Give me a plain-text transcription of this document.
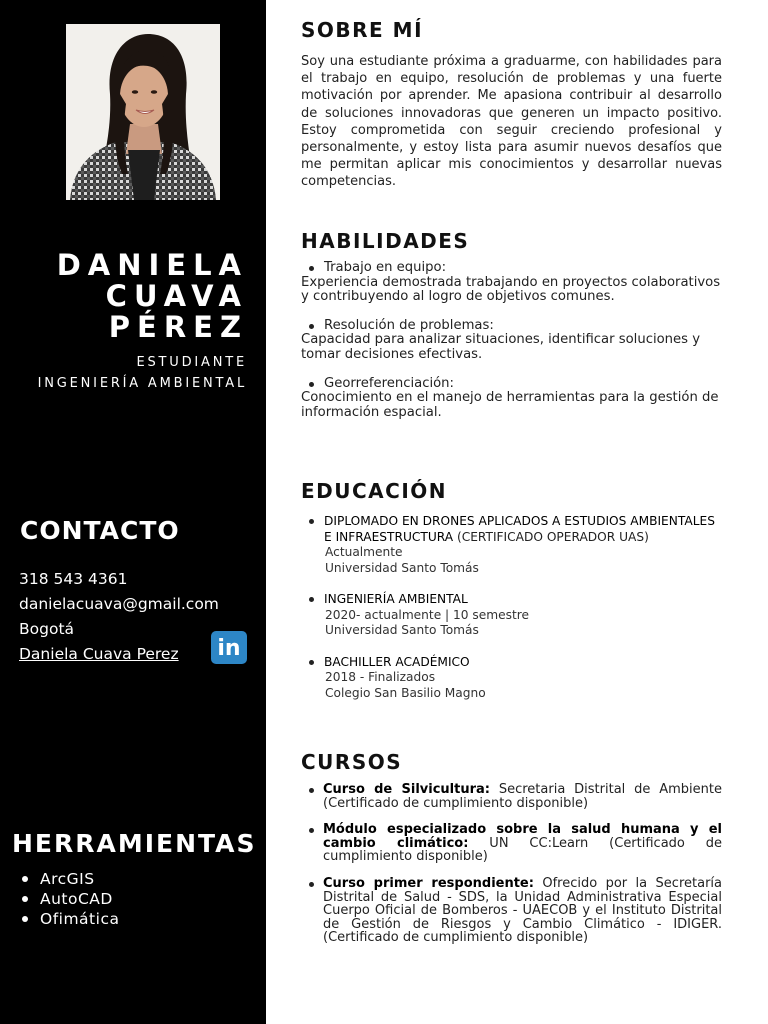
DANIELA
CUAVA
PÉREZ
ESTUDIANTE
INGENIERÍA AMBIENTAL
CONTACTO
318 543 4361
danielacuava@gmail.com
Bogotá
Daniela Cuava Perez	in
HERRAMIENTAS
ArcGIS
AutoCAD
Ofimática
SOBRE MÍ
Soy una estudiante próxima a graduarme, con habilidades para el trabajo en equipo, resolución de problemas y una fuerte motivación por aprender. Me apasiona contribuir al desarrollo de soluciones innovadoras que generen un impacto positivo. Estoy comprometida con seguir creciendo profesional y personalmente, y estoy lista para asumir nuevos desafíos que me permitan aplicar mis conocimientos y desarrollar nuevas competencias.
HABILIDADES
Trabajo en equipo:
Experiencia demostrada trabajando en proyectos colaborativos y contribuyendo al logro de objetivos comunes.
Resolución de problemas:
Capacidad para analizar situaciones, identificar soluciones y tomar decisiones efectivas.
Georreferenciación:
Conocimiento en el manejo de herramientas para la gestión de información espacial.
EDUCACIÓN
DIPLOMADO EN DRONES APLICADOS A ESTUDIOS AMBIENTALES E INFRAESTRUCTURA (CERTIFICADO OPERADOR UAS)
Actualmente
Universidad Santo Tomás
INGENIERÍA AMBIENTAL
2020- actualmente | 10 semestre
Universidad Santo Tomás
BACHILLER ACADÉMICO
2018 - Finalizados
Colegio San Basilio Magno
CURSOS
Curso de Silvicultura: Secretaria Distrital de Ambiente (Certificado de cumplimiento disponible)
Módulo especializado sobre la salud humana y el cambio climático: UN CC:Learn (Certificado de cumplimiento disponible)
Curso primer respondiente: Ofrecido por la Secretaría Distrital de Salud - SDS, la Unidad Administrativa Especial Cuerpo Oficial de Bomberos - UAECOB y el Instituto Distrital de Gestión de Riesgos y Cambio Climático - IDIGER.(Certificado de cumplimiento disponible)
